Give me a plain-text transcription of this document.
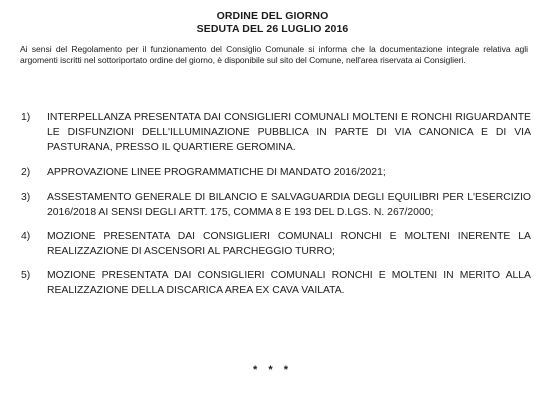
ORDINE DEL GIORNO
SEDUTA DEL 26 LUGLIO 2016
Ai sensi del Regolamento per il funzionamento del Consiglio Comunale si informa che la documentazione integrale relativa agli argomenti iscritti nel sottoriportato ordine del giorno, è disponibile sul sito del Comune, nell'area riservata ai Consiglieri.
1)	INTERPELLANZA PRESENTATA DAI CONSIGLIERI COMUNALI MOLTENI E RONCHI RIGUARDANTE LE DISFUNZIONI DELL'ILLUMINAZIONE PUBBLICA IN PARTE DI VIA CANONICA E DI VIA PASTURANA, PRESSO IL QUARTIERE GEROMINA.
2)	APPROVAZIONE LINEE PROGRAMMATICHE DI MANDATO 2016/2021;
3)	ASSESTAMENTO GENERALE DI BILANCIO E SALVAGUARDIA DEGLI EQUILIBRI PER L'ESERCIZIO 2016/2018 AI SENSI DEGLI ARTT. 175, COMMA 8 E 193 DEL D.LGS. N. 267/2000;
4)	MOZIONE PRESENTATA DAI CONSIGLIERI COMUNALI RONCHI E MOLTENI INERENTE LA REALIZZAZIONE DI ASCENSORI AL PARCHEGGIO TURRO;
5)	MOZIONE PRESENTATA DAI CONSIGLIERI COMUNALI RONCHI E MOLTENI IN MERITO ALLA REALIZZAZIONE DELLA DISCARICA AREA EX CAVA VAILATA.
* * *
